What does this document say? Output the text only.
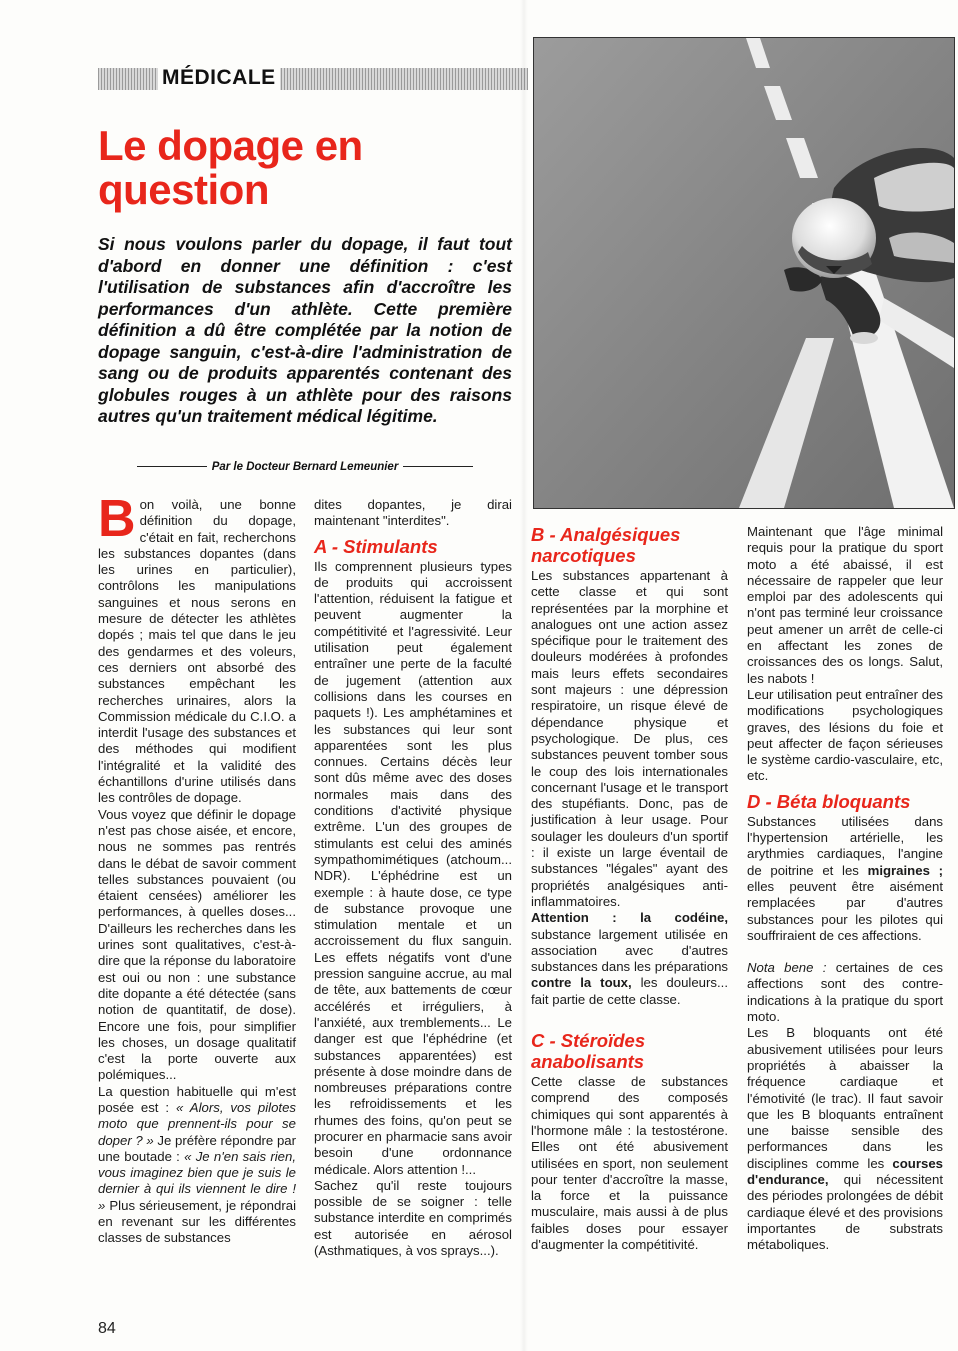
MÉDICALE
Le dopage en question

Si nous voulons parler du dopage, il faut tout d'abord en donner une définition : c'est l'utilisation de substances afin d'accroître les performances d'un athlète. Cette première définition a dû être complétée par la notion de dopage sanguin, c'est-à-dire l'administration de sang ou de produits apparentés contenant des globules rouges à un athlète pour des raisons autres qu'un traitement médical légitime.

Par le Docteur Bernard Lemeunier

Bon voilà, une bonne définition du dopage, c'était en fait, recherchons les substances dopantes (dans les urines en particulier), contrôlons les manipulations sanguines et nous serons en mesure de détecter les athlètes dopés ; mais tel que dans le jeu des gendarmes et des voleurs, ces derniers ont absorbé des substances empêchant les recherches urinaires, alors la Commission médicale du C.I.O. a interdit l'usage des substances et des méthodes qui modifient l'intégralité et la validité des échantillons d'urine utilisés dans les contrôles de dopage.

Vous voyez que définir le dopage n'est pas chose aisée, et encore, nous ne sommes pas rentrés dans le débat de savoir comment telles substances pouvaient (ou étaient censées) améliorer les performances, à quelles doses... D'ailleurs les recherches dans les urines sont qualitatives, c'est-à-dire que la réponse du laboratoire est oui ou non : une substance dite dopante a été détectée (sans notion de quantitatif, de dose). Encore une fois, pour simplifier les choses, un dosage qualitatif c'est la porte ouverte aux polémiques...

La question habituelle qui m'est posée est : « Alors, vos pilotes moto que prennent-ils pour se doper ? » Je préfère répondre par une boutade : « Je n'en sais rien, vous imaginez bien que je suis le dernier à qui ils viennent le dire ! » Plus sérieusement, je répondrai en revenant sur les différentes classes de substances

dites dopantes, je dirai maintenant "interdites".

A - Stimulants

Ils comprennent plusieurs types de produits qui accroissent l'attention, réduisent la fatigue et peuvent augmenter la compétitivité et l'agressivité. Leur utilisation peut également entraîner une perte de la faculté de jugement (attention aux collisions dans les courses en paquets !). Les amphétamines et les substances qui leur sont apparentées sont les plus connues. Certains décès leur sont dûs même avec des doses normales mais dans des conditions d'activité physique extrême. L'un des groupes de stimulants est celui des aminés sympathomimétiques (atchoum... NDR). L'éphédrine est un exemple : à haute dose, ce type de substance provoque une stimulation mentale et un accroissement du flux sanguin. Les effets négatifs vont d'une pression sanguine accrue, au mal de tête, aux battements de cœur accélérés et irréguliers, à l'anxiété, aux tremblements... Le danger est que l'éphédrine (et substances apparentées) est présente à dose moindre dans de nombreuses préparations contre les refroidissements et les rhumes des foins, qu'on peut se procurer en pharmacie sans avoir besoin d'une ordonnance médicale. Alors attention !...

Sachez qu'il reste toujours possible de se soigner : telle substance interdite en comprimés est autorisée en aérosol (Asthmatiques, à vos sprays...).

B - Analgésiques narcotiques

Les substances appartenant à cette classe et qui sont représentées par la morphine et analogues ont une action assez spécifique pour le traitement des douleurs modérées à profondes mais leurs effets secondaires sont majeurs : une dépression respiratoire, un risque élevé de dépendance physique et psychologique. De plus, ces substances peuvent tomber sous le coup des lois internationales concernant l'usage et le transport des stupéfiants. Donc, pas de justification à leur usage. Pour soulager les douleurs d'un sportif : il existe un large éventail de substances "légales" ayant des propriétés analgésiques anti-inflammatoires.

Attention : la codéine, substance largement utilisée en association avec d'autres substances dans les préparations contre la toux, les douleurs... fait partie de cette classe.

C - Stéroïdes anabolisants

Cette classe de substances comprend des composés chimiques qui sont apparentés à l'hormone mâle : la testostérone. Elles ont été abusivement utilisées en sport, non seulement pour tenter d'accroître la masse, la force et la puissance musculaire, mais aussi à de plus faibles doses pour essayer d'augmenter la compétitivité.

Maintenant que l'âge minimal requis pour la pratique du sport moto a été abaissé, il est nécessaire de rappeler que leur emploi par des adolescents qui n'ont pas terminé leur croissance peut amener un arrêt de celle-ci en affectant les zones de croissances des os longs. Salut, les nabots !

Leur utilisation peut entraîner des modifications psychologiques graves, des lésions du foie et peut affecter de façon sérieuses le système cardio-vasculaire, etc, etc.

D - Béta bloquants

Substances utilisées dans l'hypertension artérielle, les arythmies cardiaques, l'angine de poitrine et les migraines ; elles peuvent être aisément remplacées par d'autres substances pour les pilotes qui souffriraient de ces affections.

Nota bene : certaines de ces affections sont des contre-indications à la pratique du sport moto.

Les B bloquants ont été abusivement utilisées pour leurs propriétés à abaisser la fréquence cardiaque et l'émotivité (le trac). Il faut savoir que les B bloquants entraînent une baisse sensible des performances dans les disciplines comme les courses d'endurance, qui nécessitent des périodes prolongées de débit cardiaque élevé et des provisions importantes de substrats métaboliques.

84
